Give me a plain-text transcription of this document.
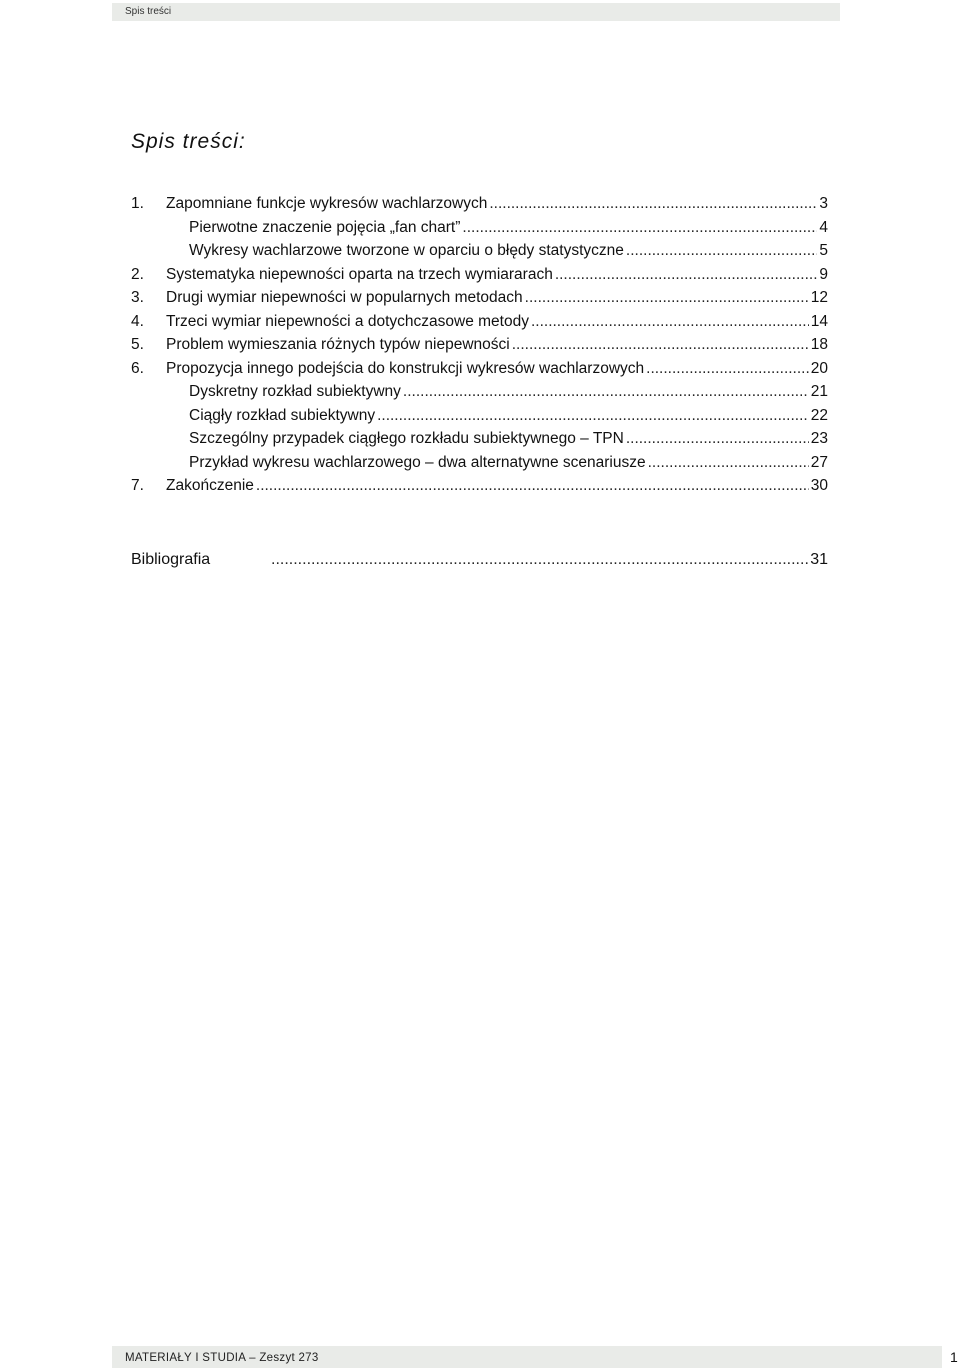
Spis treści
Spis treści:
1.	Zapomniane funkcje wykresów wachlarzowych .....	3
Pierwotne znaczenie pojęcia „fan chart” .....	4
Wykresy wachlarzowe tworzone w oparciu o błędy statystyczne .....	5
2.	Systematyka niepewności oparta na trzech wymiararach .....	9
3.	Drugi wymiar niepewności w popularnych metodach .....	12
4.	Trzeci wymiar niepewności a dotychczasowe metody .....	14
5.	Problem wymieszania różnych typów niepewności .....	18
6.	Propozycja innego podejścia do konstrukcji wykresów wachlarzowych .....	20
Dyskretny rozkład subiektywny .....	21
Ciągły rozkład subiektywny .....	22
Szczególny przypadek ciągłego rozkładu subiektywnego – TPN .....	23
Przykład wykresu wachlarzowego – dwa alternatywne scenariusze .....	27
7.	Zakończenie .....	30
Bibliografia .....	31
MATERIAŁY I STUDIA – Zeszyt 273	1
